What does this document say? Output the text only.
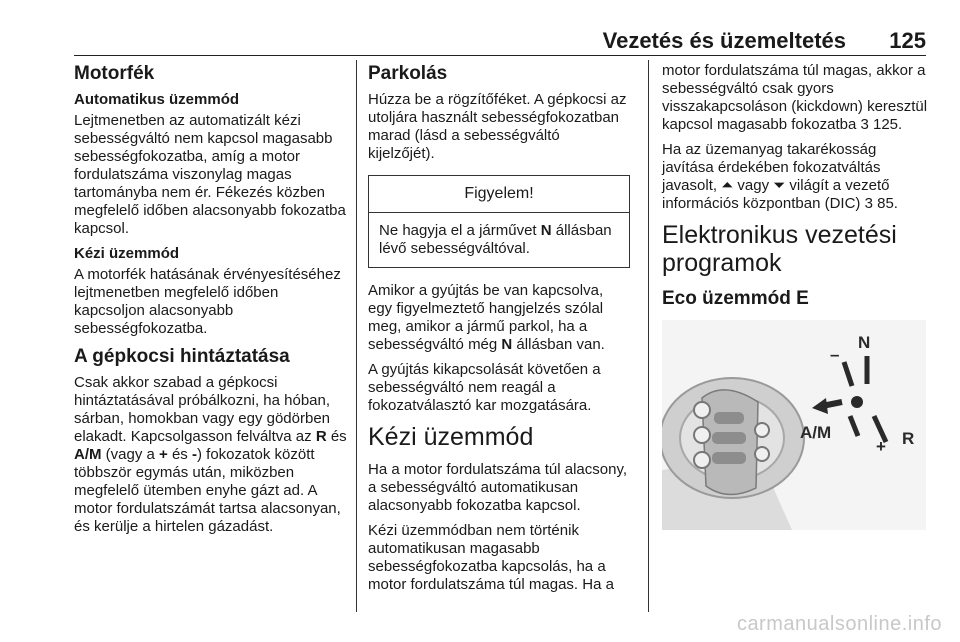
Vezetés és üzemeltetés 125
Motorfék
Automatikus üzemmód

Lejtmenetben az automatizált kézi sebességváltó nem kapcsol magasabb sebességfokozatba, amíg a motor fordulatszáma viszonylag magas tartományba nem ér. Fékezés közben megfelelő időben alacsonyabb fokozatba kapcsol.

Kézi üzemmód

A motorfék hatásának érvényesítéséhez lejtmenetben megfelelő időben kapcsoljon alacsonyabb sebességfokozatba.

A gépkocsi hintáztatása

Csak akkor szabad a gépkocsi hintáztatásával próbálkozni, ha hóban, sárban, homokban vagy egy gödörben elakadt. Kapcsolgasson felváltva az R és A/M (vagy a + és -) fokozatok között többször egymás után, miközben megfelelő ütemben enyhe gázt ad. A motor fordulatszámát tartsa alacsonyan, és kerülje a hirtelen gázadást.

Parkolás

Húzza be a rögzítőféket. A gépkocsi az utoljára használt sebességfokozatban marad (lásd a sebességváltó kijelzőjét).

Figyelem!
Ne hagyja el a járművet N állásban lévő sebességváltóval.

Amikor a gyújtás be van kapcsolva, egy figyelmeztető hangjelzés szólal meg, amikor a jármű parkol, ha a sebességváltó még N állásban van.

A gyújtás kikapcsolását követően a sebességváltó nem reagál a fokozatválasztó kar mozgatására.

Kézi üzemmód

Ha a motor fordulatszáma túl alacsony, a sebességváltó automatikusan alacsonyabb fokozatba kapcsol.

Kézi üzemmódban nem történik automatikusan magasabb sebességfokozatba kapcsolás, ha a motor fordulatszáma túl magas. Ha a

motor fordulatszáma túl magas, akkor a sebességváltó csak gyors visszakapcsoláson (kickdown) keresztül kapcsol magasabb fokozatba 3 125.

Ha az üzemanyag takarékosság javítása érdekében fokozatváltás javasolt, ⏶ vagy ⏷ világít a vezető információs központban (DIC) 3 85.

Elektronikus vezetési programok
Eco üzemmód E
N
–
A/M
+ R
carmanualsonline.info
